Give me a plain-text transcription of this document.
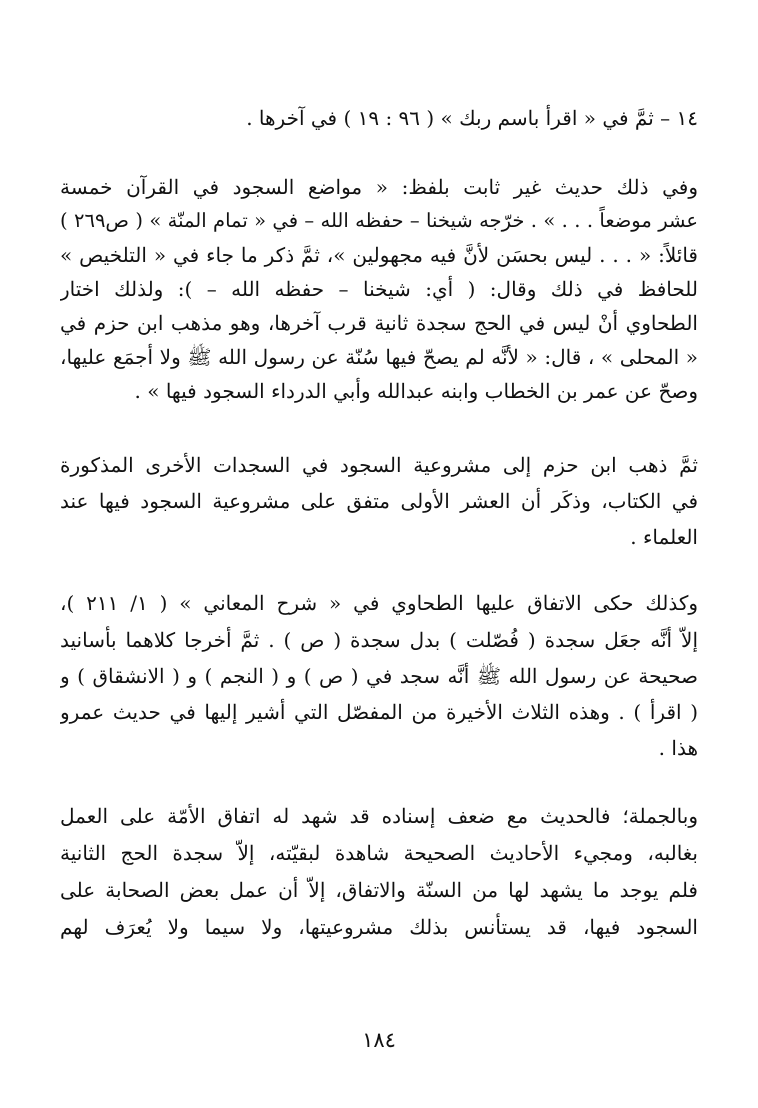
١٤ – ثمَّ في « اقرأ باسم ربك » ( ٩٦ : ١٩ ) في آخرها .
وفي ذلك حديث غير ثابت بلفظ: « مواضع السجود في القرآن خمسة
عشر موضعاً . . . » . خرّجه شيخنا – حفظه الله – في « تمام المنّة » ( ص٢٦٩ )
قائلاً: « . . . ليس بحسَن لأنَّ فيه مجهولين »، ثمَّ ذكر ما جاء في « التلخيص »
للحافظ في ذلك وقال: ( أي: شيخنا – حفظه الله – ): ولذلك اختار
الطحاوي أنْ ليس في الحج سجدة ثانية قرب آخرها، وهو مذهب ابن حزم في
« المحلى » ، قال: « لأنَّه لم يصحّ فيها سُنّة عن رسول الله ﷺ ولا أجمَع عليها،
وصحّ عن عمر بن الخطاب وابنه عبدالله وأبي الدرداء السجود فيها » .
ثمَّ ذهب ابن حزم إلى مشروعية السجود في السجدات الأخرى المذكورة
في الكتاب، وذكَر أن العشر الأولى متفق على مشروعية السجود فيها عند
العلماء .
وكذلك حكى الاتفاق عليها الطحاوي في « شرح المعاني » ( ١/ ٢١١ )،
إلاّ أنَّه جعَل سجدة ( فُصّلت ) بدل سجدة ( ص ) . ثمَّ أخرجا كلاهما بأسانيد
صحيحة عن رسول الله ﷺ أنَّه سجد في ( ص ) و ( النجم ) و ( الانشقاق ) و
( اقرأ ) . وهذه الثلاث الأخيرة من المفصّل التي أشير إليها في حديث عمرو
هذا .
وبالجملة؛ فالحديث مع ضعف إسناده قد شهد له اتفاق الأمّة على العمل
بغالبه، ومجيء الأحاديث الصحيحة شاهدة لبقيّته، إلاّ سجدة الحج الثانية
فلم يوجد ما يشهد لها من السنّة والاتفاق، إلاّ أن عمل بعض الصحابة على
السجود فيها، قد يستأنس بذلك مشروعيتها، ولا سيما ولا يُعرَف لهم
١٨٤
